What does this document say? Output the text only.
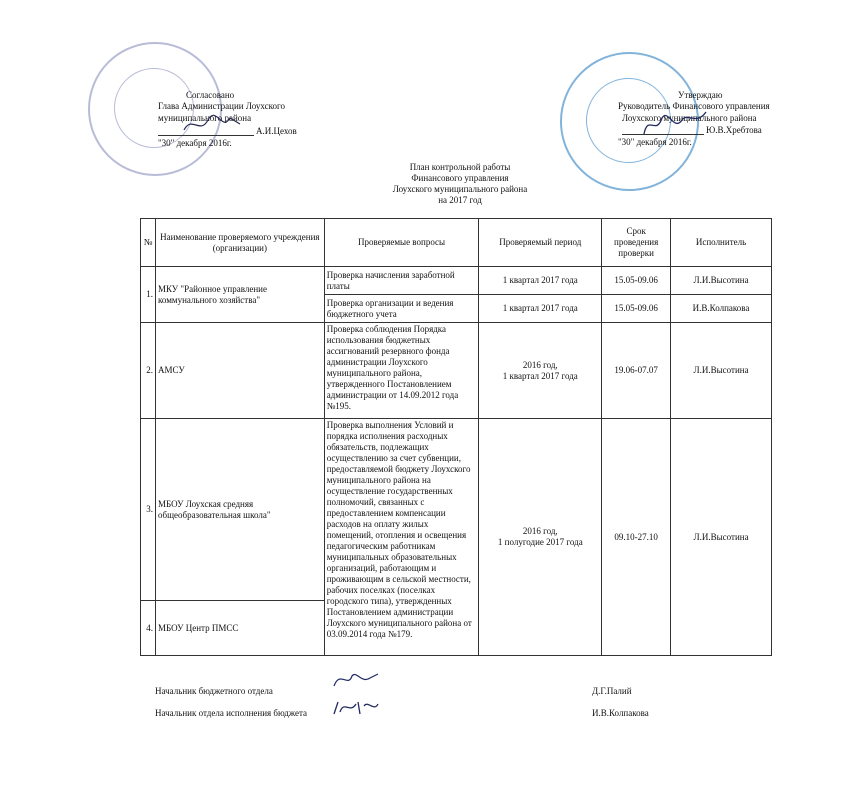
Согласовано
Глава Администрации Лоухского
муниципального района
А.И.Цехов
"30" декабря 2016г.
Утверждаю
Руководитель Финансового управления
Лоухского муниципального района
Ю.В.Хребтова
"30" декабря 2016г.
План контрольной работы
Финансового управления
Лоухского муниципального района
на 2017 год
№	Наименование проверяемого учреждения (организации)	Проверяемые вопросы	Проверяемый период	Срок проведения проверки	Исполнитель
1.	МКУ "Районное управление коммунального хозяйства"	Проверка начисления заработной платы	1 квартал 2017 года	15.05-09.06	Л.И.Высотина
		Проверка организации и ведения бюджетного учета	1 квартал 2017 года	15.05-09.06	И.В.Колпакова
2.	АМСУ	Проверка соблюдения Порядка использования бюджетных ассигнований резервного фонда администрации Лоухского муниципального района, утвержденного Постановлением администрации от 14.09.2012 года №195.	2016 год,
1 квартал 2017 года	19.06-07.07	Л.И.Высотина
3.	МБОУ Лоухская средняя общеобразовательная школа"	Проверка выполнения Условий и порядка исполнения расходных обязательств, подлежащих осуществлению за счет субвенции, предоставляемой бюджету Лоухского муниципального района на осуществление государственных полномочий, связанных с предоставлением компенсации расходов на оплату жилых помещений, отопления и освещения педагогическим работникам муниципальных образовательных организаций, работающим и проживающим в сельской местности, рабочих поселках (поселках городского типа), утвержденных Постановлением администрации Лоухского муниципального района от 03.09.2014 года №179.	2016 год,
1 полугодие 2017 года	09.10-27.10	Л.И.Высотина
4.	МБОУ Центр ПМСС				
Начальник бюджетного отдела	Д.Г.Палий
Начальник отдела исполнения бюджета	И.В.Колпакова
